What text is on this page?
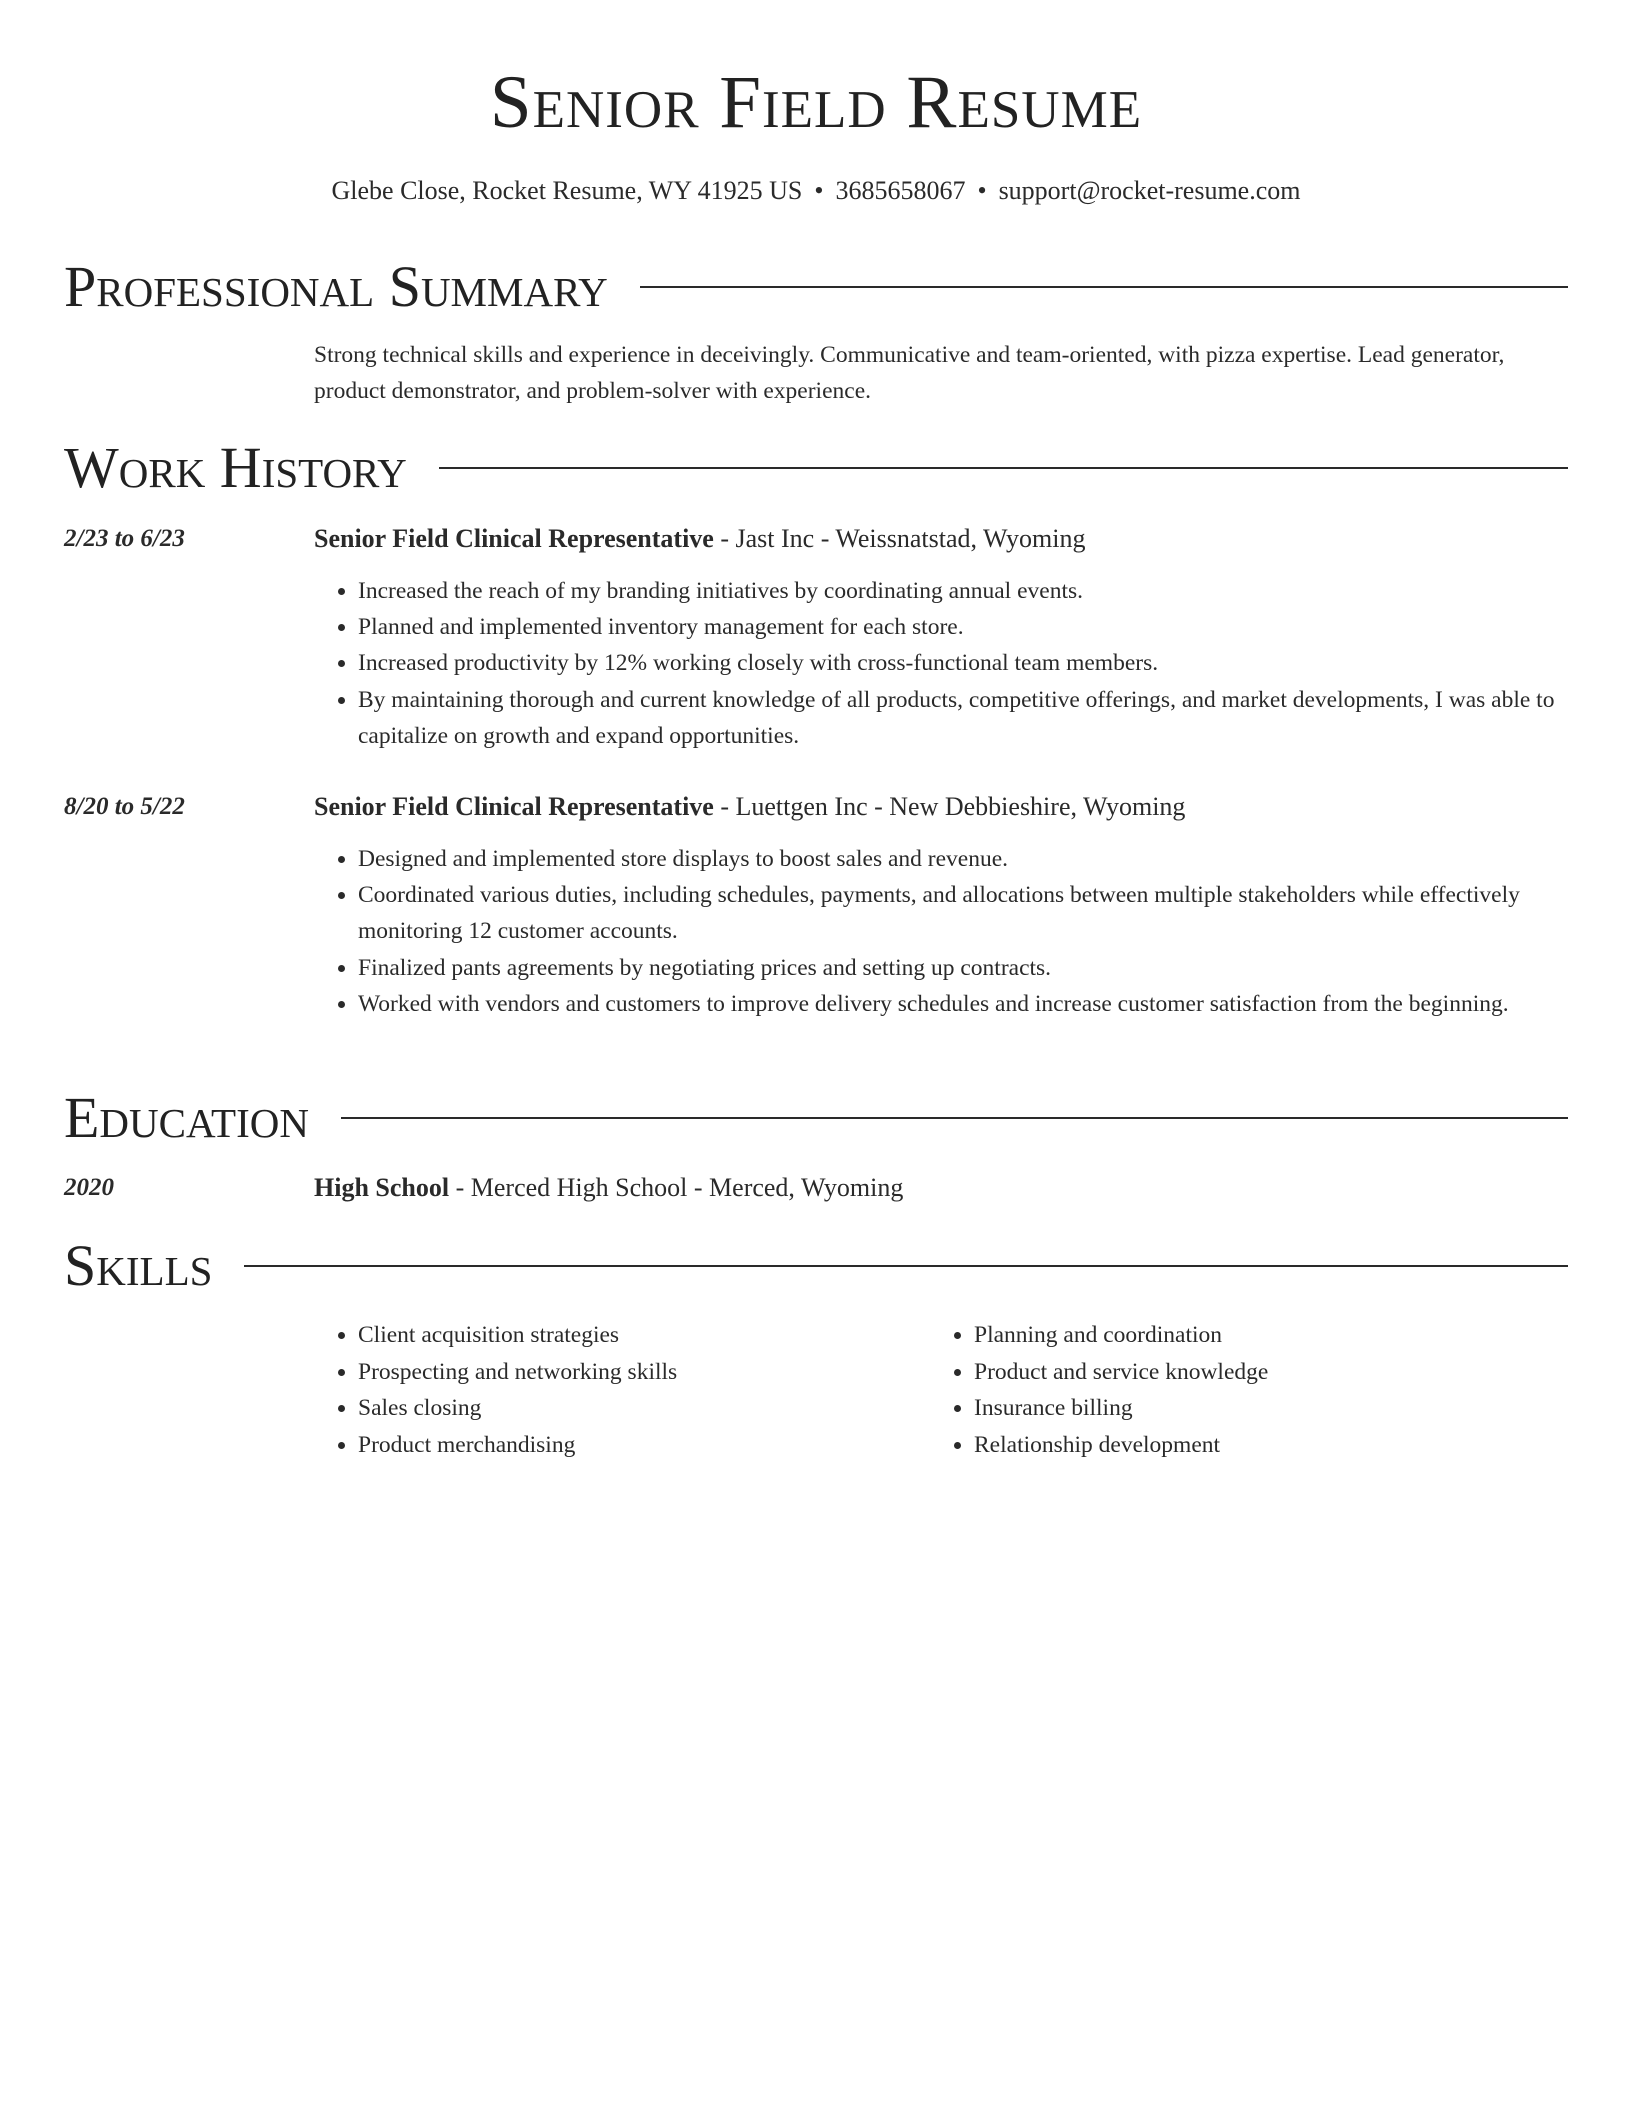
Senior Field Resume
Glebe Close, Rocket Resume, WY 41925 US • 3685658067 • support@rocket-resume.com
Professional Summary

Strong technical skills and experience in deceivingly. Communicative and team-oriented, with pizza expertise. Lead generator, product demonstrator, and problem-solver with experience.

Work History
2/23 to 6/23	Senior Field Clinical Representative - Jast Inc - Weissnatstad, Wyoming
• Increased the reach of my branding initiatives by coordinating annual events.
• Planned and implemented inventory management for each store.
• Increased productivity by 12% working closely with cross-functional team members.
• By maintaining thorough and current knowledge of all products, competitive offerings, and market developments, I was able to capitalize on growth and expand opportunities.
8/20 to 5/22	Senior Field Clinical Representative - Luettgen Inc - New Debbieshire, Wyoming
• Designed and implemented store displays to boost sales and revenue.
• Coordinated various duties, including schedules, payments, and allocations between multiple stakeholders while effectively monitoring 12 customer accounts.
• Finalized pants agreements by negotiating prices and setting up contracts.
• Worked with vendors and customers to improve delivery schedules and increase customer satisfaction from the beginning.
Education
2020	High School - Merced High School - Merced, Wyoming
Skills
• Client acquisition strategies
• Prospecting and networking skills
• Sales closing
• Product merchandising
• Planning and coordination
• Product and service knowledge
• Insurance billing
• Relationship development
